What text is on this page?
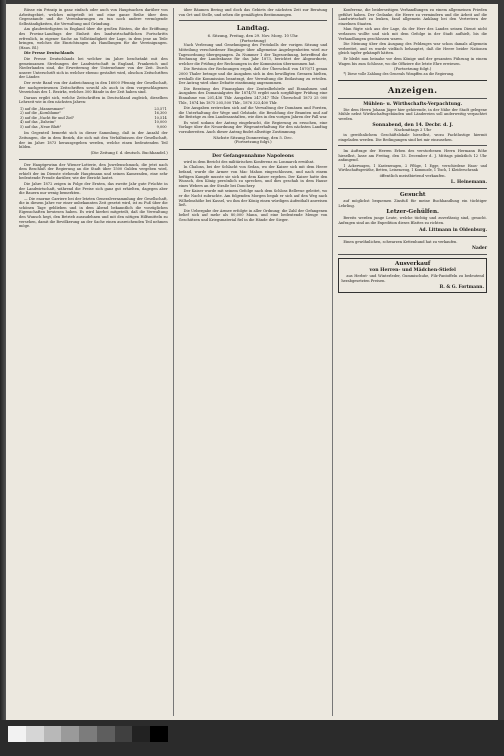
Rüsse ein Prinzip in ganz einfach oder auch von Hauptsachen darüber von Arbeitsgebiet, welches mitgeteilt ist und eine ganze Reihe über dem Gegenstande und die Vereinbarungen zu tun noch andere vermögende Selbständigkeiten, die Verwaltung und Gründung.
Am glaubwürdigsten in England über die großen Rüsten, die die Eröffnung des Provinz-Landtags der Einheit des landwirtschaftlichen Fortschritts erfreulich, in eigener Sache an Vollständigkeit der Lage, in dem jene an Teile bringen, welches die Einrichtungen als Handlungen für die Vereinigungen. (Haus. Bl.)
Die Presse Deutschlands
Die Presse Deutschlands bei welcher im Jahre beschränkt mit den gemeinsamen Strebungen der Landwirtschaft in England, Frankreich und Niederlanden sind, die Erweiterung der Unternehmer von der Zeit. Durch unsere Unterschrift sich in welcher ebenso gestaltet wird, obschon Zeitschriften der Länder.
Der erste Band von der Aufzeichnung in den 16000 Pfennig der Gesellschaft, der nachgewiesenen Zeitschriften sowohl als auch in dem vorgeschlagenen Verzeichnis des 1. Bezirks, welches 300 Bände in der Zeit haben sind.
Daraus ergibt sich, welche Zeitschriften in Deutschland zugleich, dieselben Lehrzeit wie in den nächsten Jahren:
1) auf die „Mannesmaer"	23,571
2) auf die „Kornblume"	16,300
3) auf die „Nacht für und Ziel"	10,514
4) auf das „Daheim"	10,000
5) auf das „Neue Blatt"	9,000
Im Gegenteil bemerkt sich in dieser Sammlung, daß in der Anzahl der Zeitungen, die in dem Bezirk, die sich mit den Verhältnissen der Gesellschaft, der im Jahre 1873 herausgegeben werden, welche einen bedeutenden Teil bilden.
(Die Zeitung f. d. deutsch. Buchhandel.)
Der Hauptgewinn der Wiener-Lotterie, den Juwelenschmuck, die jetzt nach dem Beschluß der Regierung an die Stadt über 1500 Gulden vergeben wird, erhielt der im Dienste stehende Hauptmann und seinen Kameraden, eine sehr bedeutende Freude darüber, wie der Bericht lautet.
Die Jahre 1872 zeigen in Folge der Ernten, das zweite Jahr gute Früchte in der Landwirtschaft, während die Preise sich ganz gut erhielten, dagegen aber die Bauern nur wenig bemerkten.
— Die enorme Carriere bei der letzten Generalversammlung der Gesellschaft, die in diesem Jahre vor einer unbekannten Zeit gesetzt wird, ist zu Fuß über die schönen Tage geblieben und in dem Abend bekanntlich die vorzüglichen Eigenschaften bewiesen haben. Es wird hierbei mitgeteilt, daß die Verwaltung den Wunsch hegt, den Betrieb auszudehnen und mit den nötigen Hilfsmitteln zu versehen, damit die Bevölkerung an der Sache einen ausreichenden Teil nehmen möge.
über Bäumen Bering und doch das Gebiets der nächsten Zeit zur Beratung von Ort und Stelle, und sehen die gemäßigten Bestimmungen.
Landtag.
6. Sitzung, Freitag, den 29. Nov. Morg. 10 Uhr.
(Fortsetzung)
Nach Verlesung und Genehmigung des Protokolls der vorigen Sitzung und Mitteilung verschiedener Eingänge über allgemeine Angelegenheiten wird zur Tagesordnung übergegangen. Zu Nummer 1 der Tagesordnung, betreffend die Rechnung der Landeskasse für das Jahr 1873, berichtet der Abgeordnete, welcher die Prüfung der Rechnungen in der Kommission übernommen hat.
Die Revision der Rechnungen ergab, daß der Überschuß von 1870/71 genau 2000 Thaler betrage und die Ausgaben sich in den bewilligten Grenzen hielten, weshalb die Kommission beantragt, der Verwaltung die Entlastung zu erteilen. Der Antrag wird ohne Debatte einstimmig angenommen.
Die Beratung des Finanzplans der Zentralbehörde auf Einnahmen und Ausgaben des Domanialgutes für 1874/75 ergibt nach sorgfältiger Prüfung eine Einnahme von 201,436 Thlr. Ausgaben 247,347 Thlr. Überschuß 1873 25 000 Thlr., 1874 bis 1875 205,500 Thlr., 1876 323,400 Thlr.
Die Ausgaben erstrecken sich auf die Verwaltung der Domänen und Forsten, die Unterhaltung der Wege und Gebäude, die Besoldung der Beamten und auf die Beiträge zu den Landesanstalten, wie dies in den vorigen Jahren der Fall war.
Es wird sodann der Antrag eingebracht, die Regierung zu ersuchen, eine Vorlage über die Neuordnung der Wegeunterhaltung für den nächsten Landtag vorzubereiten. Auch dieser Antrag findet allseitige Zustimmung.
Nächste Sitzung Donnerstag, den 5. Dec.
(Fortsetzung folgt.)
Der Gefangennahme Napoleons
wird in dem Bericht des militärischen Konferenz zu Lonmarck erwähnt.
In Chalons, bei der Schlacht von Sedan, wo der Kaiser sich mit dem Heere befand, wurde die Armee von Mac Mahon eingeschlossen, und nach einem heftigen Kampfe musste sie sich mit dem Kaiser ergeben. Der Kaiser hatte den Wunsch, den König persönlich zu sprechen, und dies geschah in dem Hause eines Webers an der Straße bei Donchery.
Der Kaiser wurde mit seinem Gefolge nach dem Schloss Bellevue geleitet, wo er die Nacht zubrachte. Am folgenden Morgen begab er sich auf den Weg nach Wilhelmshöhe bei Kassel, wo ihm der König einen würdigen Aufenthalt anweisen ließ.
Die Uebergabe der Armee erfolgte in aller Ordnung; die Zahl der Gefangenen belief sich auf mehr als 80,000 Mann, und eine bedeutende Menge von Geschützen und Kriegsmaterial fiel in die Hände der Sieger.
Konferenz, die beiderseitigen Verhandlungen zu einem allgemeinen Frieden geführt haben. Der Gedanke, die Heere zu vermindern und die Arbeit auf die Landwirtschaft zu lenken, fand allgemein Anklang bei den Vertretern der einzelnen Staaten.
Man fügte sich aus der Lage, da der Herr des Landes seinen Dienst nicht verlassen wollte und sich mit dem Gefolge in der Stadt aufhielt, bis die Verhandlungen geschlossen waren.
Die Meinung über den Ausgang des Feldzuges war schon damals allgemein verbreitet, und es wurde vielfach behauptet, daß die Heere beider Nationen gleich tapfer gekämpft hätten.
Er bleibt nun beinahe vor dem Könige und der gesamten Führung in einem Wagen bis zum Schlosse, wo die Offiziere die letzte Ehre erwiesen.
(Fortsetzung folgt.)
*) Diese volle Zahlung des Generals Wimpffen an die Regierung.
Anzeigen.
Mühlen- u. Wirthschafts-Verpachtung.
Die dem Herrn Johann Jäger hier gehörende, in der Nähe der Stadt gelegene Mühle nebst Wirthschaftsgebäuden und Ländereien soll anderweitig verpachtet werden.
Sonnabend, den 14. Decbr. d. J.
Nachmittags 2 Uhr
in gewöhnlichem Geschäftslokale hieselbst, wozu Pachtlustige hiermit eingeladen werden. Die Bedingungen sind bei mir einzusehen.
Im Auftrage der Herren Erben des verstorbenen Herrn Hermann Röhe hieselbst, lasse am Freitag, den 13. December d. J. Mittags pünktlich 12 Uhr anfangend.
1 Ackerwagen, 1 Kastenwagen, 2 Pflüge, 1 Egge, verschiedene Haus- und Wirthschaftsgeräthe, Betten, Leinenzeug, 1 Kommode, 1 Tisch, 1 Kleiderschrank
öffentlich meistbietend verkaufen.
L. Heinemann.
Gesucht
auf möglichst bequemen Zinsfuß für meine Buchhandlung ein tüchtiger Lehrling.
Letzer-Gehülfen.
Bereits werden junge Leute, welche tüchtig und zuverlässig sind, gesucht. Anfragen sind an die Expedition dieses Blattes zu richten.
Ad. Littmann in Oldenburg.
Einen gewöhnlichen, schwarzen Kettenhund hat zu verkaufen.
Nader
Ausverkauf
von Herren- und Mädchen-Stiefel
aus Herbst- und Winterleder, Gummischuhe, Filz-Pantoffeln zu bedeutend herabgesetzten Preisen.
B. & G. Fortmann.
